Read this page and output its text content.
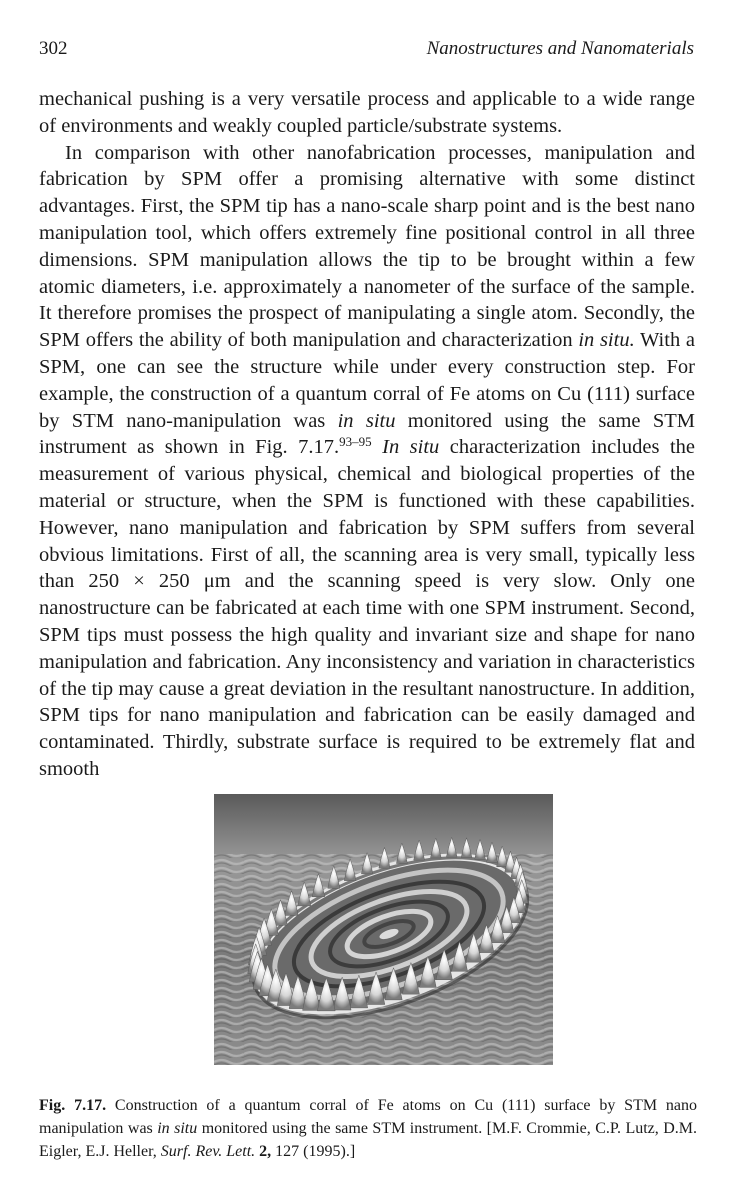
302	Nanostructures and Nanomaterials

mechanical pushing is a very versatile process and applicable to a wide range of environments and weakly coupled particle/substrate systems.

In comparison with other nanofabrication processes, manipulation and fabrication by SPM offer a promising alternative with some distinct advantages. First, the SPM tip has a nano-scale sharp point and is the best nano manipulation tool, which offers extremely fine positional control in all three dimensions. SPM manipulation allows the tip to be brought within a few atomic diameters, i.e. approximately a nanometer of the surface of the sample. It therefore promises the prospect of manipulating a single atom. Secondly, the SPM offers the ability of both manipulation and characterization in situ. With a SPM, one can see the structure while under every construction step. For example, the construction of a quantum corral of Fe atoms on Cu (111) surface by STM nano-manipulation was in situ monitored using the same STM instrument as shown in Fig. 7.17.$^{93-95}$ In situ characterization includes the measurement of various physical, chemical and biological properties of the material or structure, when the SPM is functioned with these capabilities. However, nano manipulation and fabrication by SPM suffers from several obvious limitations. First of all, the scanning area is very small, typically less than 250 × 250 μm and the scanning speed is very slow. Only one nanostructure can be fabricated at each time with one SPM instrument. Second, SPM tips must possess the high quality and invariant size and shape for nano manipulation and fabrication. Any inconsistency and variation in characteristics of the tip may cause a great deviation in the resultant nanostructure. In addition, SPM tips for nano manipulation and fabrication can be easily damaged and contaminated. Thirdly, substrate surface is required to be extremely flat and smooth

Fig. 7.17. Construction of a quantum corral of Fe atoms on Cu (111) surface by STM nano manipulation was in situ monitored using the same STM instrument. [M.F. Crommie, C.P. Lutz, D.M. Eigler, E.J. Heller, Surf. Rev. Lett. 2, 127 (1995).]
